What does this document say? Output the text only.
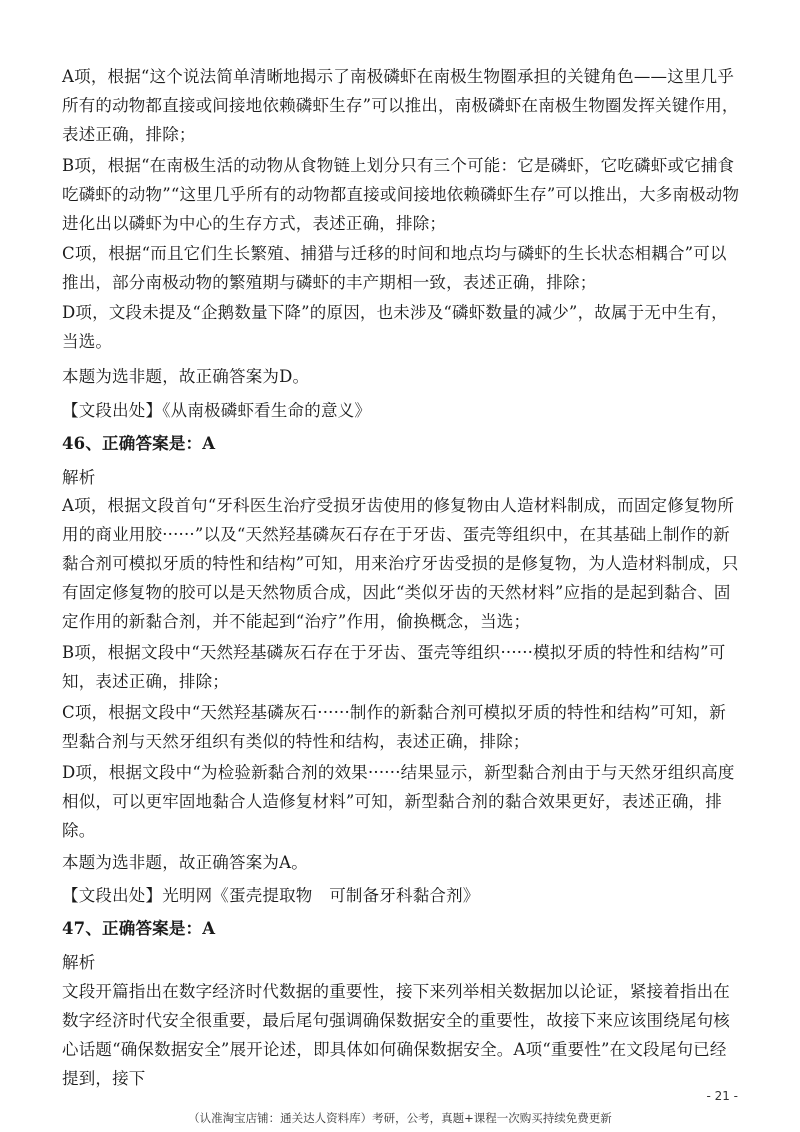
A项，根据“这个说法简单清晰地揭示了南极磷虾在南极生物圈承担的关键角色——这里几乎所有的动物都直接或间接地依赖磷虾生存”可以推出，南极磷虾在南极生物圈发挥关键作用，表述正确，排除；
B项，根据“在南极生活的动物从食物链上划分只有三个可能：它是磷虾，它吃磷虾或它捕食吃磷虾的动物”“这里几乎所有的动物都直接或间接地依赖磷虾生存”可以推出，大多南极动物进化出以磷虾为中心的生存方式，表述正确，排除；
C项，根据“而且它们生长繁殖、捕猎与迁移的时间和地点均与磷虾的生长状态相耦合”可以推出，部分南极动物的繁殖期与磷虾的丰产期相一致，表述正确，排除；
D项，文段未提及“企鹅数量下降”的原因，也未涉及“磷虾数量的减少”，故属于无中生有，当选。
本题为选非题，故正确答案为D。
【文段出处】《从南极磷虾看生命的意义》
46、正确答案是：A
解析
A项，根据文段首句“牙科医生治疗受损牙齿使用的修复物由人造材料制成，而固定修复物所用的商业用胶······”以及“天然羟基磷灰石存在于牙齿、蛋壳等组织中，在其基础上制作的新黏合剂可模拟牙质的特性和结构”可知，用来治疗牙齿受损的是修复物，为人造材料制成，只有固定修复物的胶可以是天然物质合成，因此“类似牙齿的天然材料”应指的是起到黏合、固定作用的新黏合剂，并不能起到“治疗”作用，偷换概念，当选；
B项，根据文段中“天然羟基磷灰石存在于牙齿、蛋壳等组织······模拟牙质的特性和结构”可知，表述正确，排除；
C项，根据文段中“天然羟基磷灰石······制作的新黏合剂可模拟牙质的特性和结构”可知，新型黏合剂与天然牙组织有类似的特性和结构，表述正确，排除；
D项，根据文段中“为检验新黏合剂的效果······结果显示，新型黏合剂由于与天然牙组织高度相似，可以更牢固地黏合人造修复材料”可知，新型黏合剂的黏合效果更好，表述正确，排除。
本题为选非题，故正确答案为A。
【文段出处】光明网《蛋壳提取物　可制备牙科黏合剂》
47、正确答案是：A
解析
文段开篇指出在数字经济时代数据的重要性，接下来列举相关数据加以论证，紧接着指出在数字经济时代安全很重要，最后尾句强调确保数据安全的重要性，故接下来应该围绕尾句核心话题“确保数据安全”展开论述，即具体如何确保数据安全。A项“重要性”在文段尾句已经提到，接下
- 21 -
（认准淘宝店铺：通关达人资料库）考研，公考，真题+课程一次购买持续免费更新
